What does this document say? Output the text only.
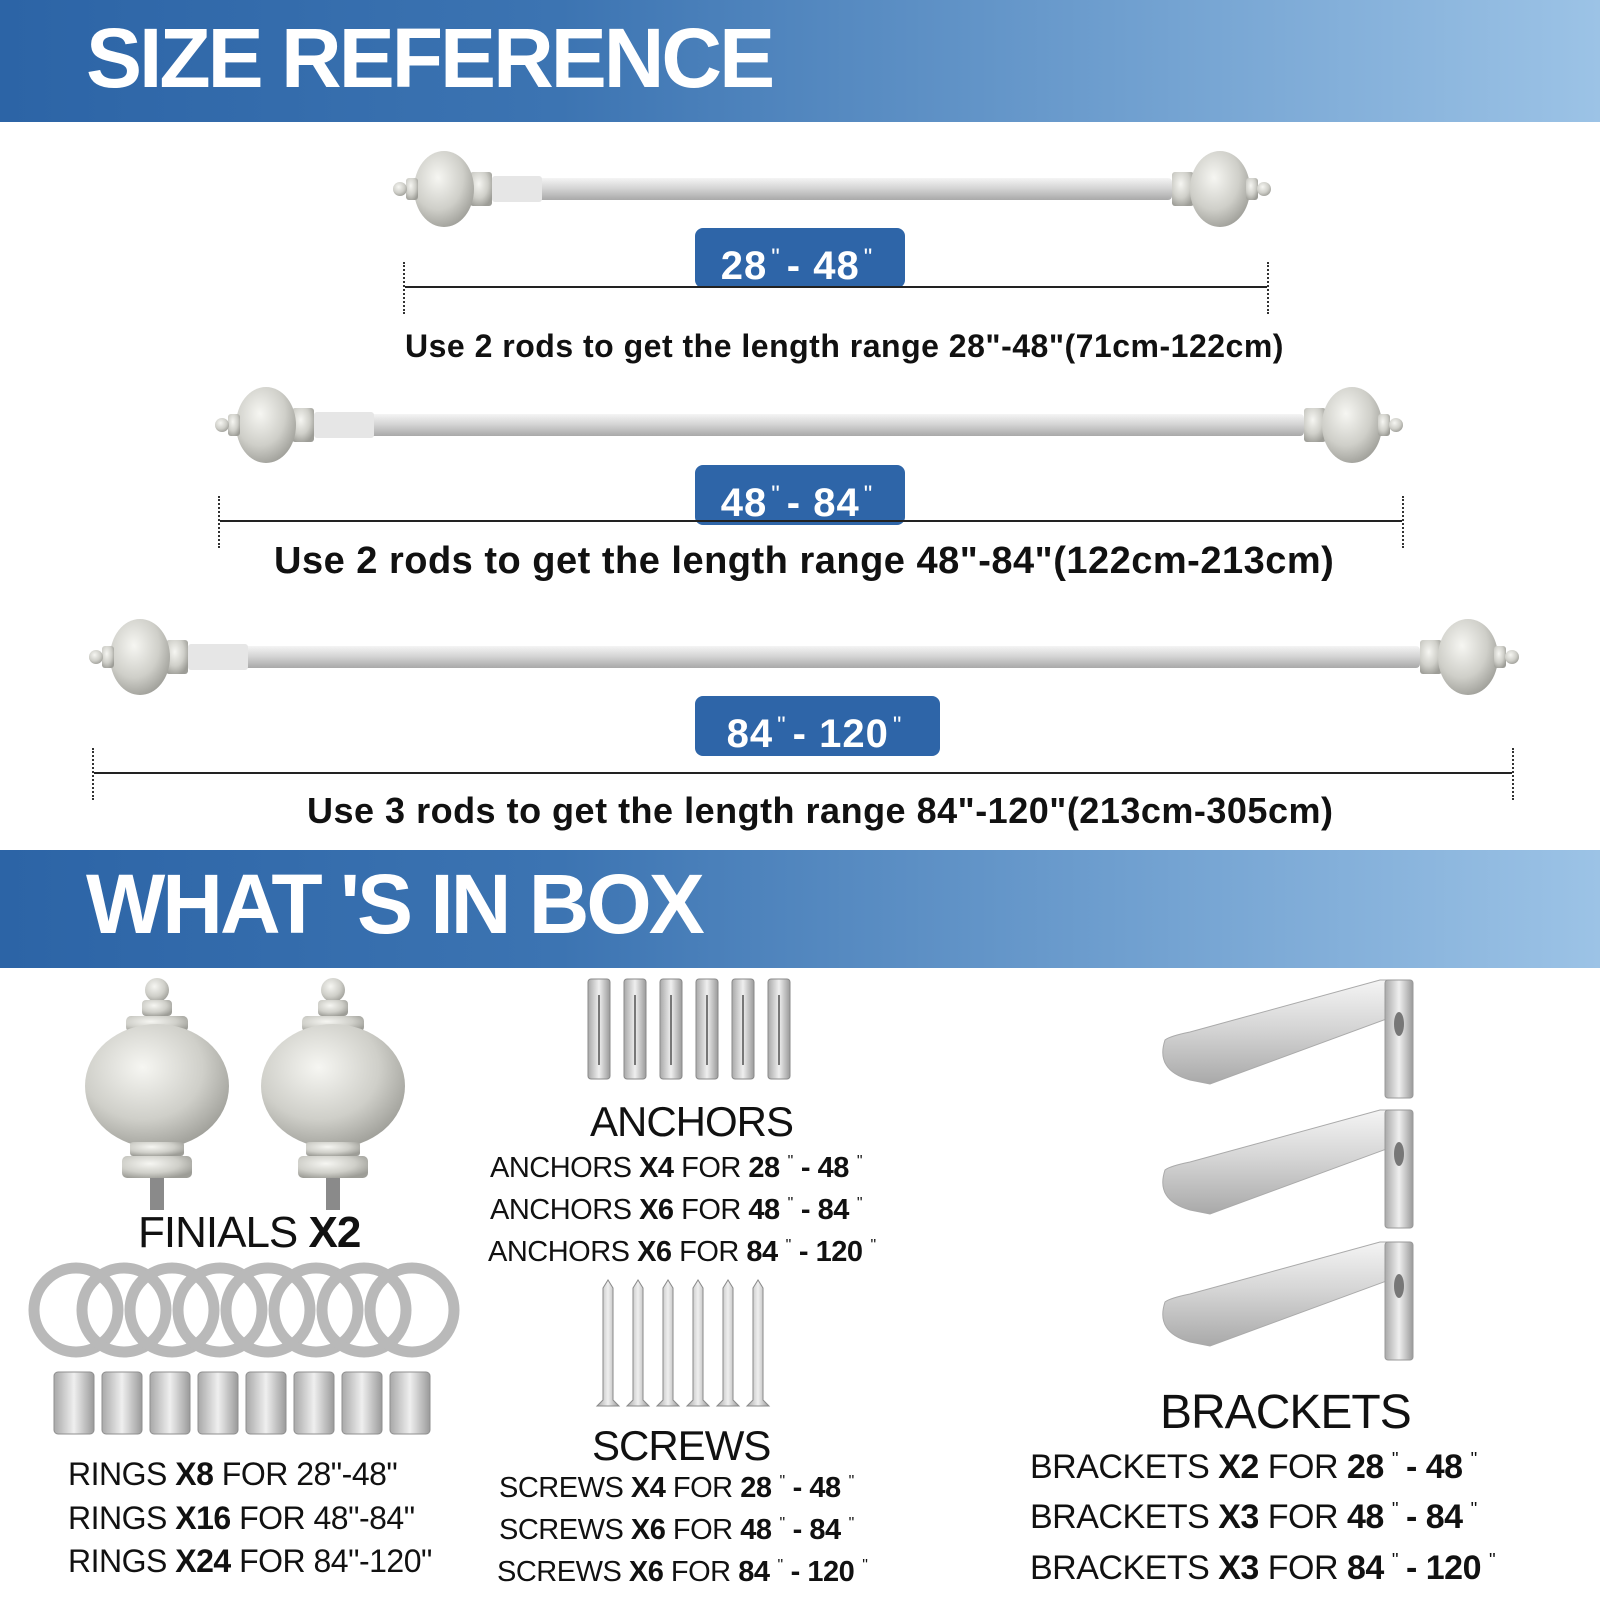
SIZE REFERENCE
28 " - 48 "
Use 2 rods to get the length range 28"-48"(71cm-122cm)
48 " - 84 "
Use 2 rods to get the length range 48"-84"(122cm-213cm)
84 " - 120 "
Use 3 rods to get the length range 84"-120"(213cm-305cm)
WHAT 'S IN BOX
FINIALS X2
RINGS X8 FOR 28"-48"
RINGS X16 FOR 48"-84"
RINGS X24 FOR 84"-120"
ANCHORS
ANCHORS X4 FOR 28 " - 48 "
ANCHORS X6 FOR 48 " - 84 "
ANCHORS X6 FOR 84 " - 120 "
SCREWS
SCREWS X4 FOR 28 " - 48 "
SCREWS X6 FOR 48 " - 84 "
SCREWS X6 FOR 84 " - 120 "
BRACKETS
BRACKETS X2 FOR 28 " - 48 "
BRACKETS X3 FOR 48 " - 84 "
BRACKETS X3 FOR 84 " - 120 "
